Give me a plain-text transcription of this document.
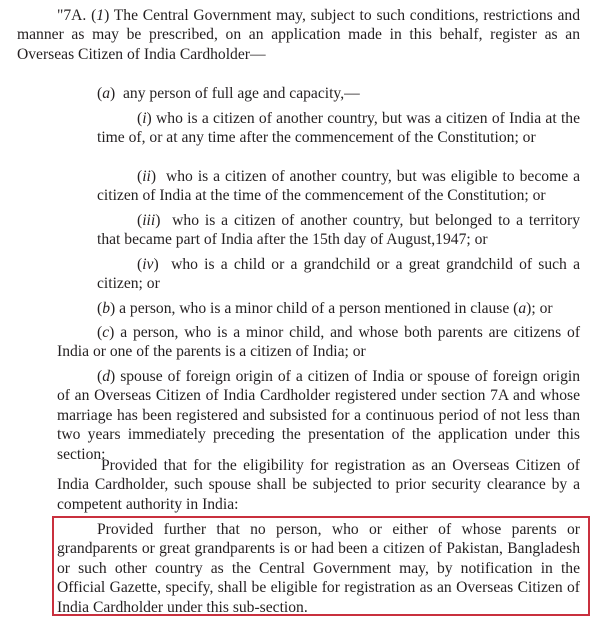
"7A. (1) The Central Government may, subject to such conditions, restrictions and manner as may be prescribed, on an application made in this behalf, register as an Overseas Citizen of India Cardholder—

(a)  any person of full age and capacity,—

(i) who is a citizen of another country, but was a citizen of India at the time of, or at any time after the commencement of the Constitution; or

(ii)  who is a citizen of another country, but was eligible to become a citizen of India at the time of the commencement of the Constitution; or

(iii)  who is a citizen of another country, but belonged to a territory that became part of India after the 15th day of August,1947; or

(iv)  who is a child or a grandchild or a great grandchild of such a citizen; or

(b) a person, who is a minor child of a person mentioned in clause (a); or

(c) a person, who is a minor child, and whose both parents are citizens of India or one of the parents is a citizen of India; or

(d) spouse of foreign origin of a citizen of India or spouse of foreign origin of an Overseas Citizen of India Cardholder registered under section 7A and whose marriage has been registered and subsisted for a continuous period of not less than two years immediately preceding the presentation of the application under this section:

Provided that for the eligibility for registration as an Overseas Citizen of India Cardholder, such spouse shall be subjected to prior security clearance by a competent authority in India:

Provided further that no person, who or either of whose parents or grandparents or great grandparents is or had been a citizen of Pakistan, Bangladesh or such other country as the Central Government may, by notification in the Official Gazette, specify, shall be eligible for registration as an Overseas Citizen of India Cardholder under this sub-section.
